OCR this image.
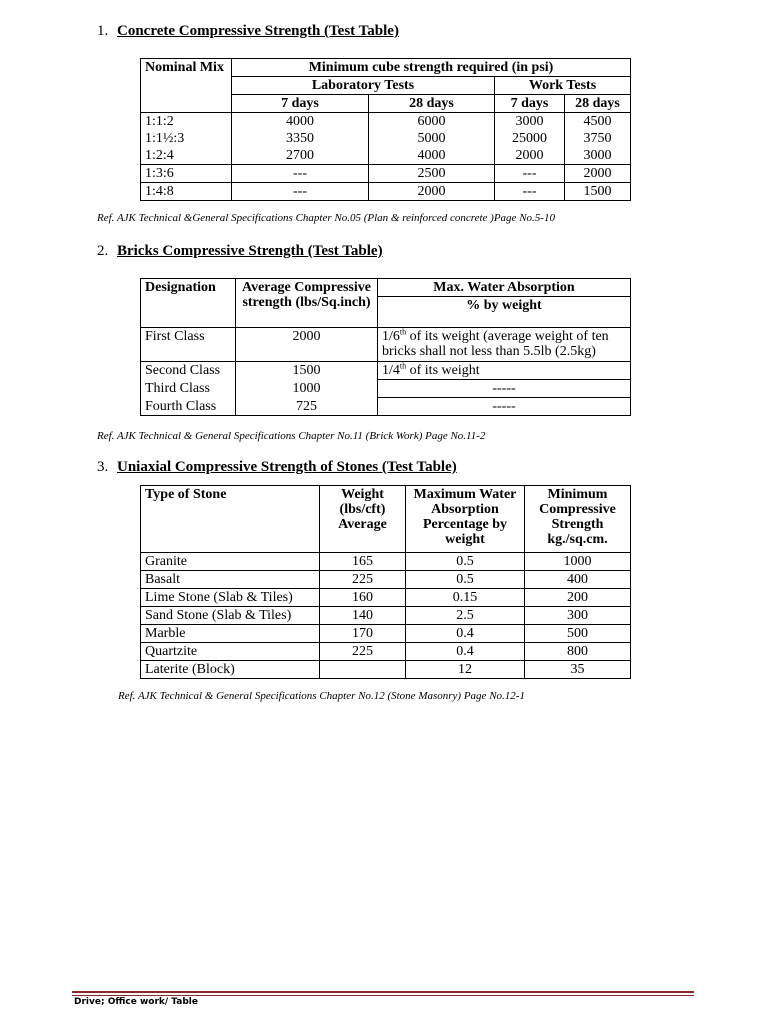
1. Concrete Compressive Strength (Test Table)
Nominal Mix	Minimum cube strength required (in psi)			
	Laboratory Tests		Work Tests	
	7 days	28 days	7 days	28 days
1:1:2	4000	6000	3000	4500
1:1½:3	3350	5000	25000	3750
1:2:4	2700	4000	2000	3000
1:3:6	---	2500	---	2000
1:4:8	---	2000	---	1500
Ref. AJK Technical &General Specifications Chapter No.05 (Plan & reinforced concrete )Page No.5-10
2. Bricks Compressive Strength (Test Table)
Designation	Average Compressive strength (lbs/Sq.inch)	Max. Water Absorption
		% by weight
First Class	2000	1/6th of its weight (average weight of ten bricks shall not less than 5.5lb (2.5kg)
Second Class	1500	1/4th of its weight
Third Class	1000	-----
Fourth Class	725	-----
Ref. AJK Technical & General Specifications Chapter No.11 (Brick Work) Page No.11-2
3. Uniaxial Compressive Strength of Stones (Test Table)
Type of Stone	Weight (lbs/cft) Average	Maximum Water Absorption Percentage by weight	Minimum Compressive Strength kg./sq.cm.
Granite	165	0.5	1000
Basalt	225	0.5	400
Lime Stone (Slab & Tiles)	160	0.15	200
Sand Stone (Slab & Tiles)	140	2.5	300
Marble	170	0.4	500
Quartzite	225	0.4	800
Laterite (Block)		12	35
Ref. AJK Technical & General Specifications Chapter No.12 (Stone Masonry) Page No.12-1
Drive; Office work/ Table
